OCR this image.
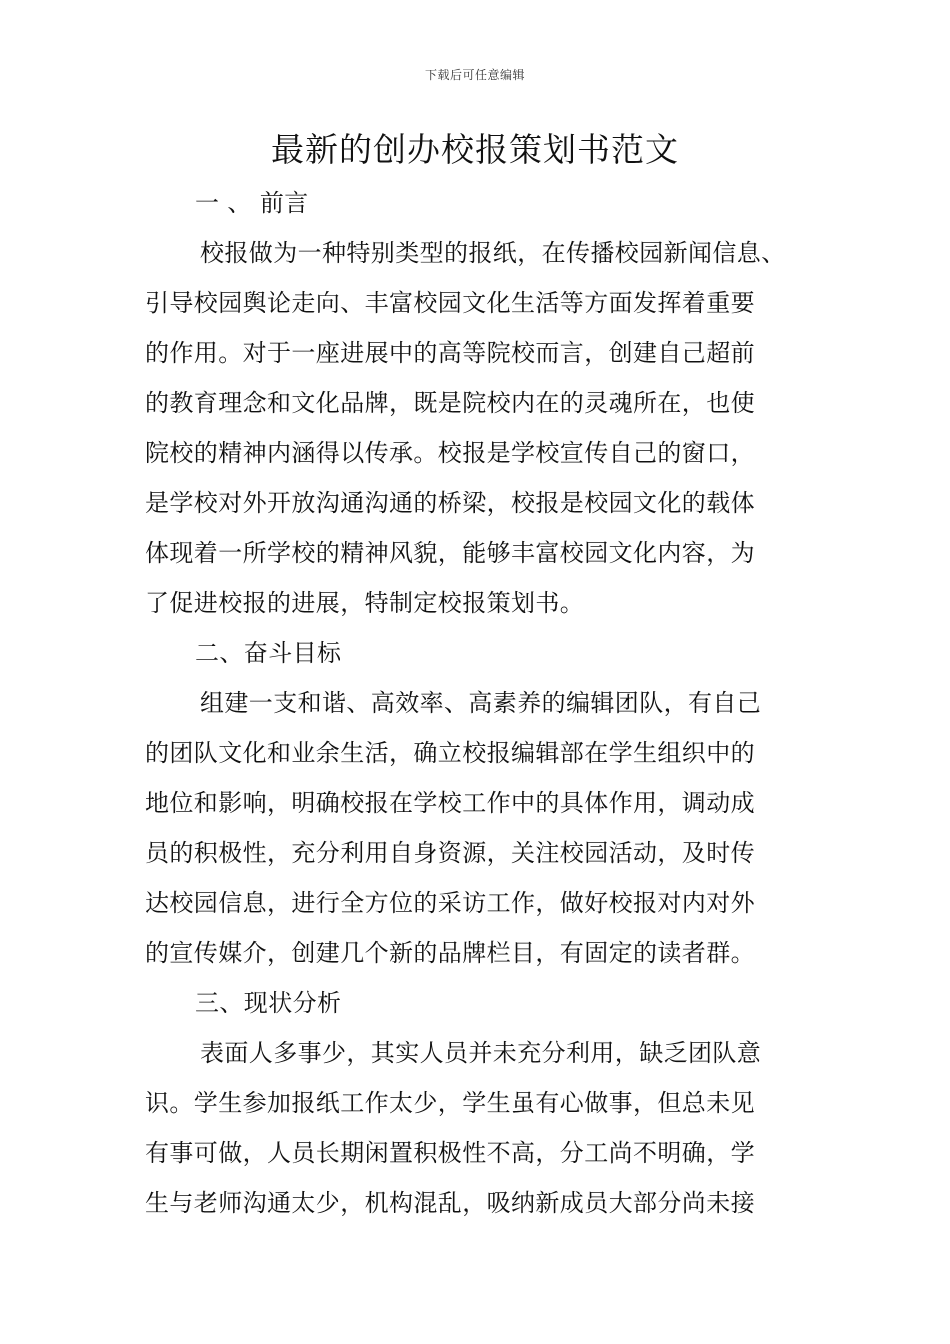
下载后可任意编辑
最新的创办校报策划书范文
一 、 前言
校报做为一种特别类型的报纸，在传播校园新闻信息、
引导校园舆论走向、丰富校园文化生活等方面发挥着重要
的作用。对于一座进展中的高等院校而言，创建自己超前
的教育理念和文化品牌，既是院校内在的灵魂所在，也使
院校的精神内涵得以传承。校报是学校宣传自己的窗口，
是学校对外开放沟通沟通的桥梁，校报是校园文化的载体
体现着一所学校的精神风貌，能够丰富校园文化内容，为
了促进校报的进展，特制定校报策划书。
二、奋斗目标
组建一支和谐、高效率、高素养的编辑团队，有自己
的团队文化和业余生活，确立校报编辑部在学生组织中的
地位和影响，明确校报在学校工作中的具体作用，调动成
员的积极性，充分利用自身资源，关注校园活动，及时传
达校园信息，进行全方位的采访工作，做好校报对内对外
的宣传媒介，创建几个新的品牌栏目，有固定的读者群。
三、现状分析
表面人多事少，其实人员并未充分利用，缺乏团队意
识。学生参加报纸工作太少，学生虽有心做事，但总未见
有事可做，人员长期闲置积极性不高，分工尚不明确，学
生与老师沟通太少，机构混乱，吸纳新成员大部分尚未接
